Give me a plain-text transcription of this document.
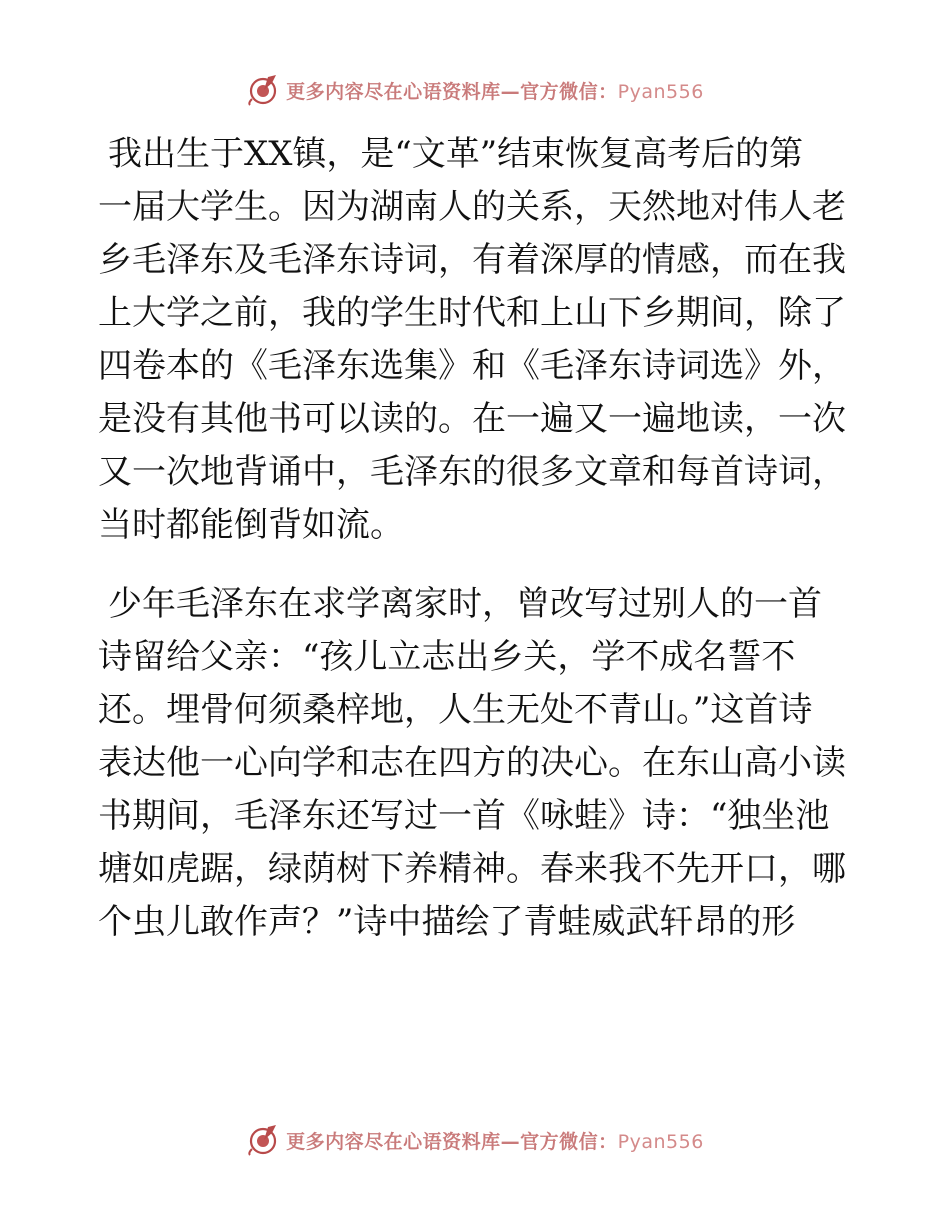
更多内容尽在心语资料库—官方微信：Pyan556
我出生于XX镇，是“文革”结束恢复高考后的第
一届大学生。因为湖南人的关系，天然地对伟人老
乡毛泽东及毛泽东诗词，有着深厚的情感，而在我
上大学之前，我的学生时代和上山下乡期间，除了
四卷本的《毛泽东选集》和《毛泽东诗词选》外，
是没有其他书可以读的。在一遍又一遍地读，一次
又一次地背诵中，毛泽东的很多文章和每首诗词，
当时都能倒背如流。
少年毛泽东在求学离家时，曾改写过别人的一首
诗留给父亲：“孩儿立志出乡关，学不成名誓不
还。埋骨何须桑梓地，人生无处不青山。”这首诗
表达他一心向学和志在四方的决心。在东山高小读
书期间，毛泽东还写过一首《咏蛙》诗：“独坐池
塘如虎踞，绿荫树下养精神。春来我不先开口，哪
个虫儿敢作声？”诗中描绘了青蛙威武轩昂的形
更多内容尽在心语资料库—官方微信：Pyan556
